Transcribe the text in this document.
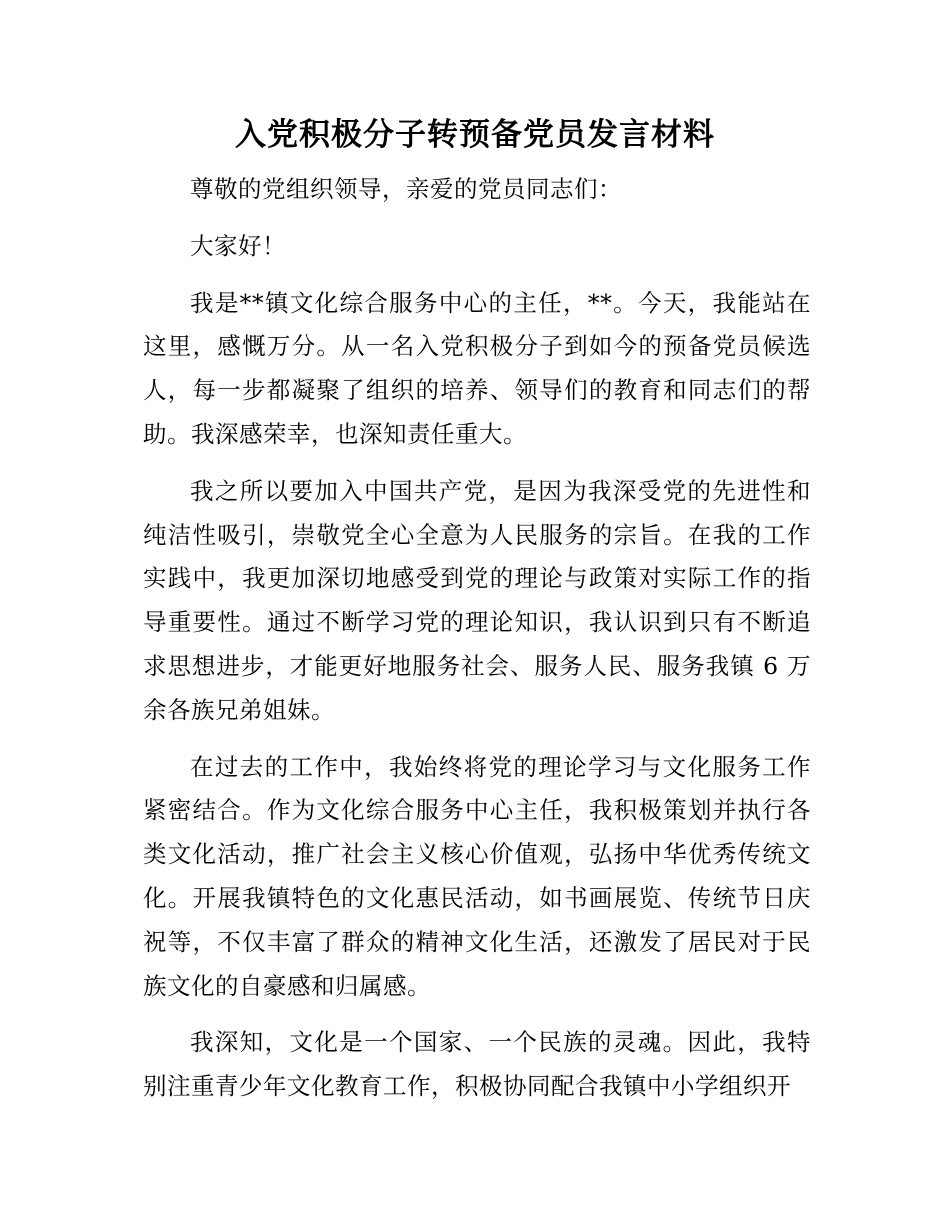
入党积极分子转预备党员发言材料

尊敬的党组织领导，亲爱的党员同志们：

大家好！

我是**镇文化综合服务中心的主任，**。今天，我能站在这里，感慨万分。从一名入党积极分子到如今的预备党员候选人，每一步都凝聚了组织的培养、领导们的教育和同志们的帮助。我深感荣幸，也深知责任重大。

我之所以要加入中国共产党，是因为我深受党的先进性和纯洁性吸引，崇敬党全心全意为人民服务的宗旨。在我的工作实践中，我更加深切地感受到党的理论与政策对实际工作的指导重要性。通过不断学习党的理论知识，我认识到只有不断追求思想进步，才能更好地服务社会、服务人民、服务我镇 6 万余各族兄弟姐妹。

在过去的工作中，我始终将党的理论学习与文化服务工作紧密结合。作为文化综合服务中心主任，我积极策划并执行各类文化活动，推广社会主义核心价值观，弘扬中华优秀传统文化。开展我镇特色的文化惠民活动，如书画展览、传统节日庆祝等，不仅丰富了群众的精神文化生活，还激发了居民对于民族文化的自豪感和归属感。

我深知，文化是一个国家、一个民族的灵魂。因此，我特别注重青少年文化教育工作，积极协同配合我镇中小学组织开
